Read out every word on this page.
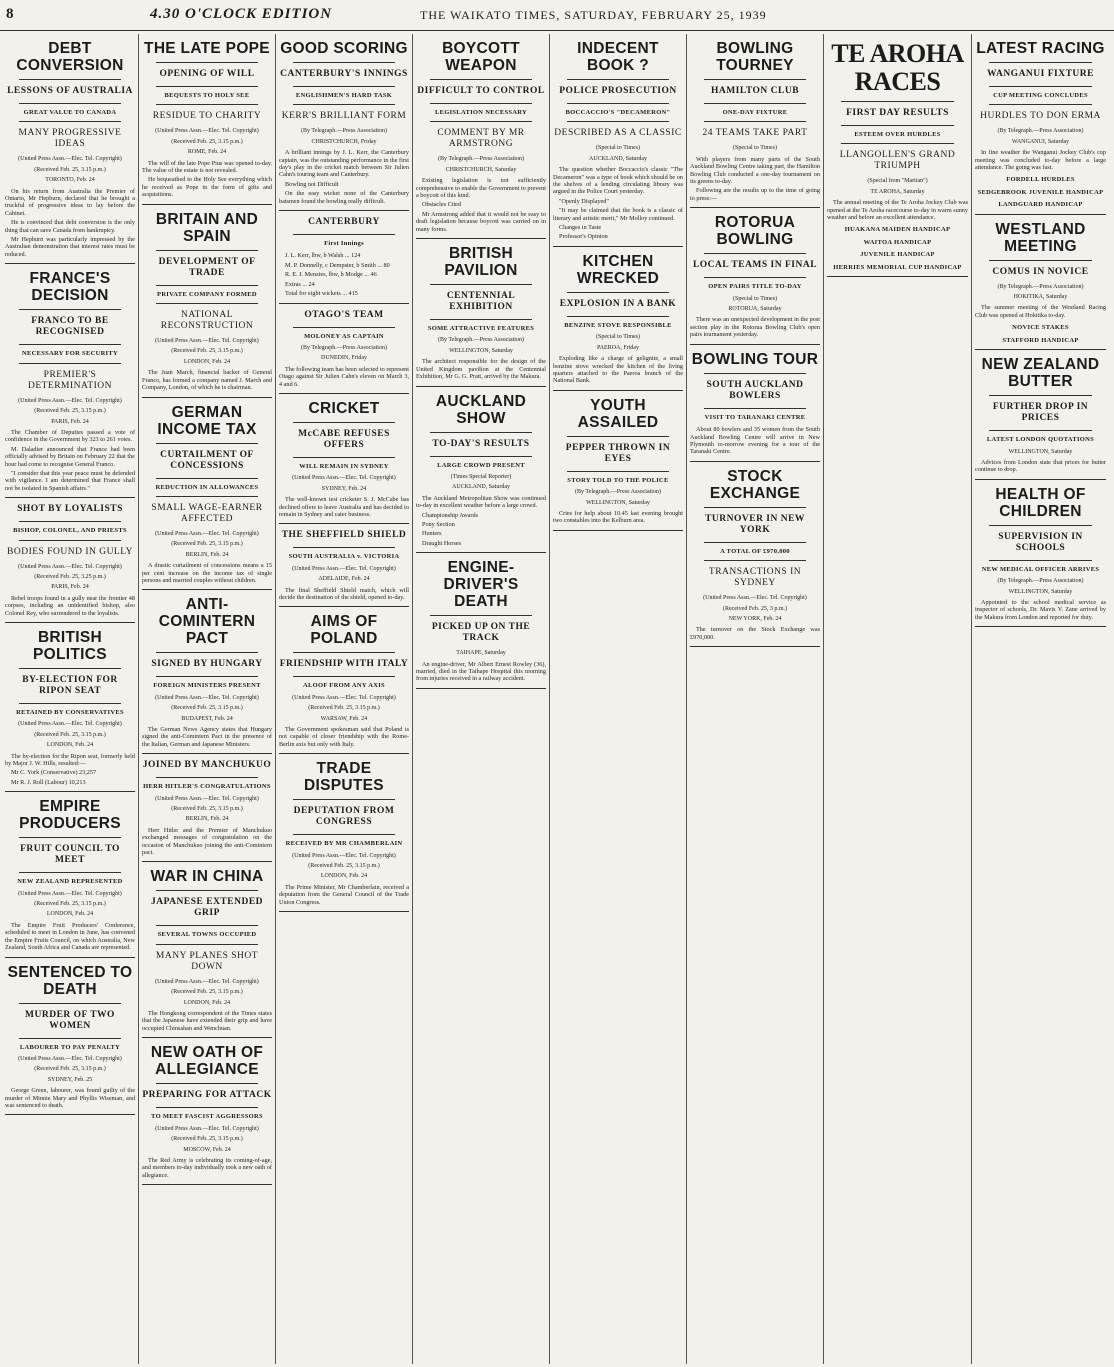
8	4.30 O'CLOCK EDITION	THE WAIKATO TIMES, SATURDAY, FEBRUARY 25, 1939
DEBT CONVERSION
LESSONS OF AUSTRALIA
GREAT VALUE TO CANADA
MANY PROGRESSIVE IDEAS
(United Press Assn.—Elec. Tel. Copyright)
(Received Feb. 25, 3.15 p.m.)
TORONTO, Feb. 24

On his return from Australia the Premier of Ontario, Mr Hepburn, declared that he brought a truckful of progressive ideas to lay before the Cabinet.

He is convinced that debt conversion is the only thing that can save Canada from bankruptcy.

Mr Hepburn was particularly impressed by the Australian demonstration that interest rates must be reduced.

FRANCE'S DECISION
FRANCO TO BE RECOGNISED
NECESSARY FOR SECURITY
PREMIER'S DETERMINATION
(United Press Assn.—Elec. Tel. Copyright)
(Received Feb. 25, 3.15 p.m.)
PARIS, Feb. 24

The Chamber of Deputies passed a vote of confidence in the Government by 323 to 261 votes.

M. Daladier announced that France had been officially advised by Britain on February 22 that the hour had come to recognise General Franco.

"I consider that this year peace must be defended with vigilance. I am determined that France shall not be isolated in Spanish affairs."

SHOT BY LOYALISTS
BISHOP, COLONEL, AND PRIESTS
BODIES FOUND IN GULLY
(United Press Assn.—Elec. Tel. Copyright)
(Received Feb. 25, 3.25 p.m.)
PARIS, Feb. 24

Rebel troops found in a gully near the frontier 48 corpses, including an unidentified bishop, also Colonel Rey, who surrendered to the loyalists.

BRITISH POLITICS
BY-ELECTION FOR RIPON SEAT
RETAINED BY CONSERVATIVES
(United Press Assn.—Elec. Tel. Copyright)
(Received Feb. 25, 3.15 p.m.)
LONDON, Feb. 24

The by-election for the Ripon seat, formerly held by Major J. W. Hills, resulted:—

Mr C. York (Conservative) 23,257

Mr R. J. Roll (Labour) 10,213

EMPIRE PRODUCERS
FRUIT COUNCIL TO MEET
NEW ZEALAND REPRESENTED
(United Press Assn.—Elec. Tel. Copyright)
(Received Feb. 25, 3.15 p.m.)
LONDON, Feb. 24

The Empire Fruit Producers' Conference, scheduled to meet in London in June, has convened the Empire Fruits Council, on which Australia, New Zealand, South Africa and Canada are represented.

SENTENCED TO DEATH
MURDER OF TWO WOMEN
LABOURER TO PAY PENALTY
(United Press Assn.—Elec. Tel. Copyright)
(Received Feb. 25, 3.15 p.m.)
SYDNEY, Feb. 25

George Green, labourer, was found guilty of the murder of Minnie Mary and Phyllis Wiseman, and was sentenced to death.

THE LATE POPE
OPENING OF WILL
BEQUESTS TO HOLY SEE
RESIDUE TO CHARITY
(United Press Assn.—Elec. Tel. Copyright)
(Received Feb. 25, 3.15 p.m.)
ROME, Feb. 24

The will of the late Pope Pius was opened to-day. The value of the estate is not revealed.

He bequeathed to the Holy See everything which he received as Pope in the form of gifts and acquisitions.

BRITAIN AND SPAIN
DEVELOPMENT OF TRADE
PRIVATE COMPANY FORMED
NATIONAL RECONSTRUCTION
(United Press Assn.—Elec. Tel. Copyright)
(Received Feb. 25, 3.15 p.m.)
LONDON, Feb. 24

The Juan March, financial backer of General Franco, has formed a company named J. March and Company, London, of which he is chairman.

GERMAN INCOME TAX
CURTAILMENT OF CONCESSIONS
REDUCTION IN ALLOWANCES
SMALL WAGE-EARNER AFFECTED
(United Press Assn.—Elec. Tel. Copyright)
(Received Feb. 25, 3.15 p.m.)
BERLIN, Feb. 24

A drastic curtailment of concessions means a 15 per cent increase on the income tax of single persons and married couples without children.

ANTI-COMINTERN PACT
SIGNED BY HUNGARY
FOREIGN MINISTERS PRESENT
(United Press Assn.—Elec. Tel. Copyright)
(Received Feb. 25, 3.15 p.m.)
BUDAPEST, Feb. 24

The German News Agency states that Hungary signed the anti-Comintern Pact in the presence of the Italian, German and Japanese Ministers.

JOINED BY MANCHUKUO
HERR HITLER'S CONGRATULATIONS
(United Press Assn.—Elec. Tel. Copyright)
(Received Feb. 25, 3.15 p.m.)
BERLIN, Feb. 24

Herr Hitler and the Premier of Manchukuo exchanged messages of congratulation on the occasion of Manchukuo joining the anti-Comintern pact.

WAR IN CHINA
JAPANESE EXTENDED GRIP
SEVERAL TOWNS OCCUPIED
MANY PLANES SHOT DOWN
(United Press Assn.—Elec. Tel. Copyright)
(Received Feb. 25, 3.15 p.m.)
LONDON, Feb. 24

The Hongkong correspondent of the Times states that the Japanese have extended their grip and have occupied Chinsahan and Wenchuan.

NEW OATH OF ALLEGIANCE
PREPARING FOR ATTACK
TO MEET FASCIST AGGRESSORS
(United Press Assn.—Elec. Tel. Copyright)
(Received Feb. 25, 3.15 p.m.)
MOSCOW, Feb. 24

The Red Army is celebrating its coming-of-age, and members to-day individually took a new oath of allegiance.

GOOD SCORING
CANTERBURY'S INNINGS
ENGLISHMEN'S HARD TASK
KERR'S BRILLIANT FORM
(By Telegraph.—Press Association)
CHRISTCHURCH, Friday

A brilliant innings by J. L. Kerr, the Canterbury captain, was the outstanding performance in the first day's play in the cricket match between Sir Julien Cahn's touring team and Canterbury.

Bowling not Difficult

On the easy wicket none of the Canterbury batsmen found the bowling really difficult.

CANTERBURY
First Innings

J. L. Kerr, lbw, b Walsh ... 124

M. P. Donnelly, c Dempster, b Smith ... 80

R. E. J. Menzies, lbw, b Modge ... 46

Extras ... 24

Total for eight wickets ... 415

OTAGO'S TEAM
MOLONEY AS CAPTAIN
(By Telegraph.—Press Association)
DUNEDIN, Friday

The following team has been selected to represent Otago against Sir Julien Cahn's eleven on March 3, 4 and 6.

CRICKET
McCABE REFUSES OFFERS
WILL REMAIN IN SYDNEY
(United Press Assn.—Elec. Tel. Copyright)
SYDNEY, Feb. 24

The well-known test cricketer S. J. McCabe has declined offers to leave Australia and has decided to remain in Sydney and cater business.

THE SHEFFIELD SHIELD
SOUTH AUSTRALIA v. VICTORIA
(United Press Assn.—Elec. Tel. Copyright)
ADELAIDE, Feb. 24

The final Sheffield Shield match, which will decide the destination of the shield, opened to-day.

AIMS OF POLAND
FRIENDSHIP WITH ITALY
ALOOF FROM ANY AXIS
(United Press Assn.—Elec. Tel. Copyright)
(Received Feb. 25, 3.15 p.m.)
WARSAW, Feb. 24

The Government spokesman said that Poland is not capable of closer friendship with the Rome-Berlin axis but only with Italy.

TRADE DISPUTES
DEPUTATION FROM CONGRESS
RECEIVED BY MR CHAMBERLAIN
(United Press Assn.—Elec. Tel. Copyright)
(Received Feb. 25, 3.15 p.m.)
LONDON, Feb. 24

The Prime Minister, Mr Chamberlain, received a deputation from the General Council of the Trade Union Congress.

BOYCOTT WEAPON
DIFFICULT TO CONTROL
LEGISLATION NECESSARY
COMMENT BY MR ARMSTRONG
(By Telegraph.—Press Association)
CHRISTCHURCH, Saturday

Existing legislation is not sufficiently comprehensive to enable the Government to prevent a boycott of this kind.

Obstacles Cited

Mr Armstrong added that it would not be easy to draft legislation because boycott was carried on in many forms.

BRITISH PAVILION
CENTENNIAL EXHIBITION
SOME ATTRACTIVE FEATURES
(By Telegraph.—Press Association)
WELLINGTON, Saturday

The architect responsible for the design of the United Kingdom pavilion at the Centennial Exhibition, Mr G. G. Pratt, arrived by the Makura.

AUCKLAND SHOW
TO-DAY'S RESULTS
LARGE CROWD PRESENT
(Times Special Reporter)
AUCKLAND, Saturday

The Auckland Metropolitan Show was continued to-day in excellent weather before a large crowd.

Championship Awards

Pony Section

Hunters

Draught Horses

ENGINE-DRIVER'S DEATH
PICKED UP ON THE TRACK
TAIHAPE, Saturday

An engine-driver, Mr Albert Ernest Rowley (36), married, died in the Taihape Hospital this morning from injuries received in a railway accident.

INDECENT BOOK ?
POLICE PROSECUTION
BOCCACCIO'S "DECAMERON"
DESCRIBED AS A CLASSIC
(Special to Times)
AUCKLAND, Saturday

The question whether Boccaccio's classic "The Decameron" was a type of book which should be on the shelves of a lending circulating library was argued in the Police Court yesterday.

"Openly Displayed"

"It may be claimed that the book is a classic of literary and artistic merit," Mr Molloy continued.

Changes in Taste

Professor's Opinion

KITCHEN WRECKED
EXPLOSION IN A BANK
BENZINE STOVE RESPONSIBLE
(Special to Times)
PAEROA, Friday

Exploding like a charge of gelignite, a small benzine stove wrecked the kitchen of the living quarters attached to the Paeroa branch of the National Bank.

YOUTH ASSAILED
PEPPER THROWN IN EYES
STORY TOLD TO THE POLICE
(By Telegraph.—Press Association)
WELLINGTON, Saturday

Cries for help about 10.45 last evening brought two constables into the Kelburn area.

BOWLING TOURNEY
HAMILTON CLUB
ONE-DAY FIXTURE
24 TEAMS TAKE PART
(Special to Times)

With players from many parts of the South Auckland Bowling Centre taking part, the Hamilton Bowling Club conducted a one-day tournament on its greens to-day.

Following are the results up to the time of going to press:—

ROTORUA BOWLING
LOCAL TEAMS IN FINAL
OPEN PAIRS TITLE TO-DAY
(Special to Times)
ROTORUA, Saturday

There was an unexpected development in the post section play in the Rotorua Bowling Club's open pairs tournament yesterday.

BOWLING TOUR
SOUTH AUCKLAND BOWLERS
VISIT TO TARANAKI CENTRE

About 80 bowlers and 35 women from the South Auckland Bowling Centre will arrive in New Plymouth to-morrow evening for a tour of the Taranaki Centre.

STOCK EXCHANGE
TURNOVER IN NEW YORK
A TOTAL OF £970,000
TRANSACTIONS IN SYDNEY
(United Press Assn.—Elec. Tel. Copyright)
(Received Feb. 25, 3 p.m.)
NEW YORK, Feb. 24

The turnover on the Stock Exchange was £970,000.

TE AROHA RACES
FIRST DAY RESULTS
ESTEEM OVER HURDLES
LLANGOLLEN'S GRAND TRIUMPH
(Special from "Martian")
TE AROHA, Saturday

The annual meeting of the Te Aroha Jockey Club was opened at the Te Aroha racecourse to-day in warm sunny weather and before an excellent attendance.

HUAKANA MAIDEN HANDICAP
WAITOA HANDICAP
JUVENILE HANDICAP
HERRIES MEMORIAL CUP HANDICAP
LATEST RACING
WANGANUI FIXTURE
CUP MEETING CONCLUDES
HURDLES TO DON ERMA
(By Telegraph.—Press Association)
WANGANUI, Saturday

In fine weather the Wanganui Jockey Club's cup meeting was concluded to-day before a large attendance. The going was fast.

FORDELL HURDLES
SEDGEBROOK JUVENILE HANDICAP
LANDGUARD HANDICAP
WESTLAND MEETING
COMUS IN NOVICE
(By Telegraph.—Press Association)
HOKITIKA, Saturday

The summer meeting of the Westland Racing Club was opened at Hokitika to-day.

NOVICE STAKES
STAFFORD HANDICAP
NEW ZEALAND BUTTER
FURTHER DROP IN PRICES
LATEST LONDON QUOTATIONS
WELLINGTON, Saturday

Advices from London state that prices for butter continue to drop.

HEALTH OF CHILDREN
SUPERVISION IN SCHOOLS
NEW MEDICAL OFFICER ARRIVES
(By Telegraph.—Press Association)
WELLINGTON, Saturday

Appointed to the school medical service as inspector of schools, Dr. Mavis V. Zane arrived by the Makura from London and reported for duty.
